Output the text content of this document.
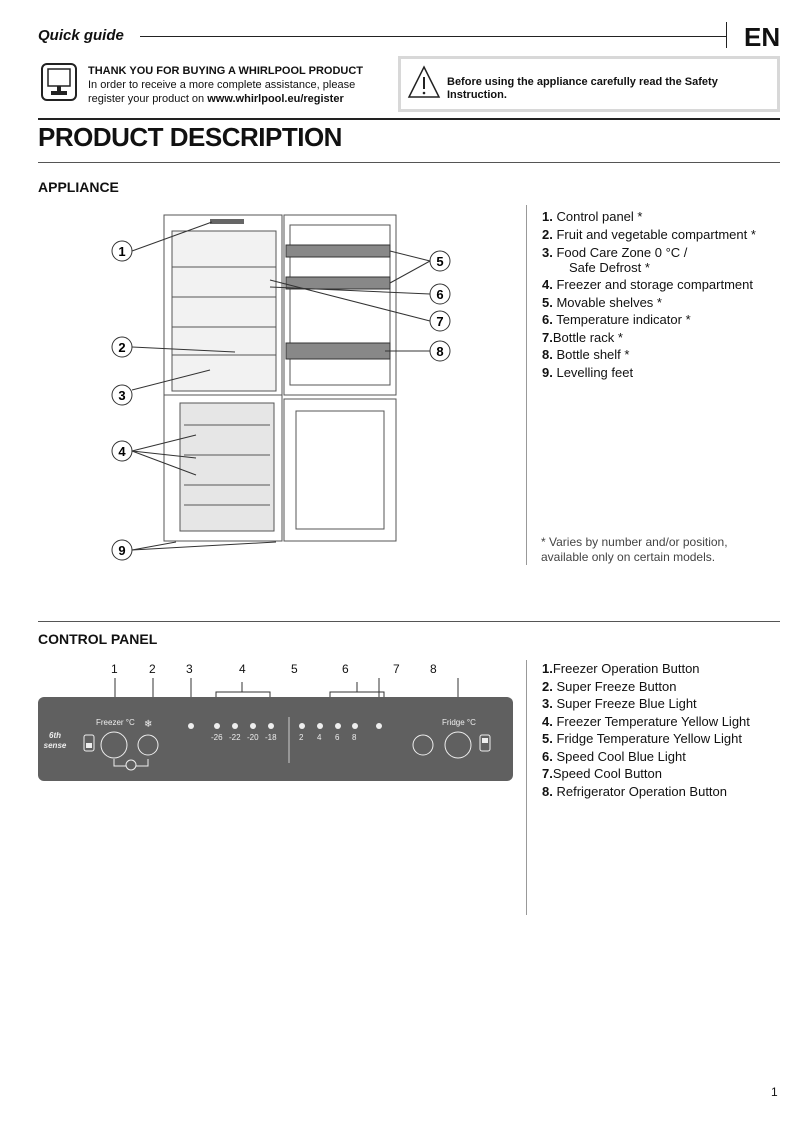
Quick guide	EN
THANK YOU FOR BUYING A WHIRLPOOL PRODUCT
In order to receive a more complete assistance, please
register your product on www.whirlpool.eu/register
Before using the appliance carefully read the Safety Instruction.
PRODUCT DESCRIPTION
APPLIANCE
1
2
3
4
5
6
7
8
9
1. Control panel *
2. Fruit and vegetable compartment *
3. Food Care Zone 0 °C /
Safe Defrost *
4. Freezer and storage compartment
5. Movable shelves *
6. Temperature indicator *
7.Bottle rack *
8. Bottle shelf *
9. Levelling feet
* Varies by number and/or position,
available only on certain models.
CONTROL PANEL
1	2	3	4	5	6	7	8
6th sense
Freezer °C ❄
-26 -22 -20 -18	2 4 6 8
Fridge °C
1.Freezer Operation Button
2. Super Freeze Button
3. Super Freeze Blue Light
4. Freezer Temperature Yellow Light
5. Fridge Temperature Yellow Light
6. Speed Cool Blue Light
7.Speed Cool Button
8. Refrigerator Operation Button
1
